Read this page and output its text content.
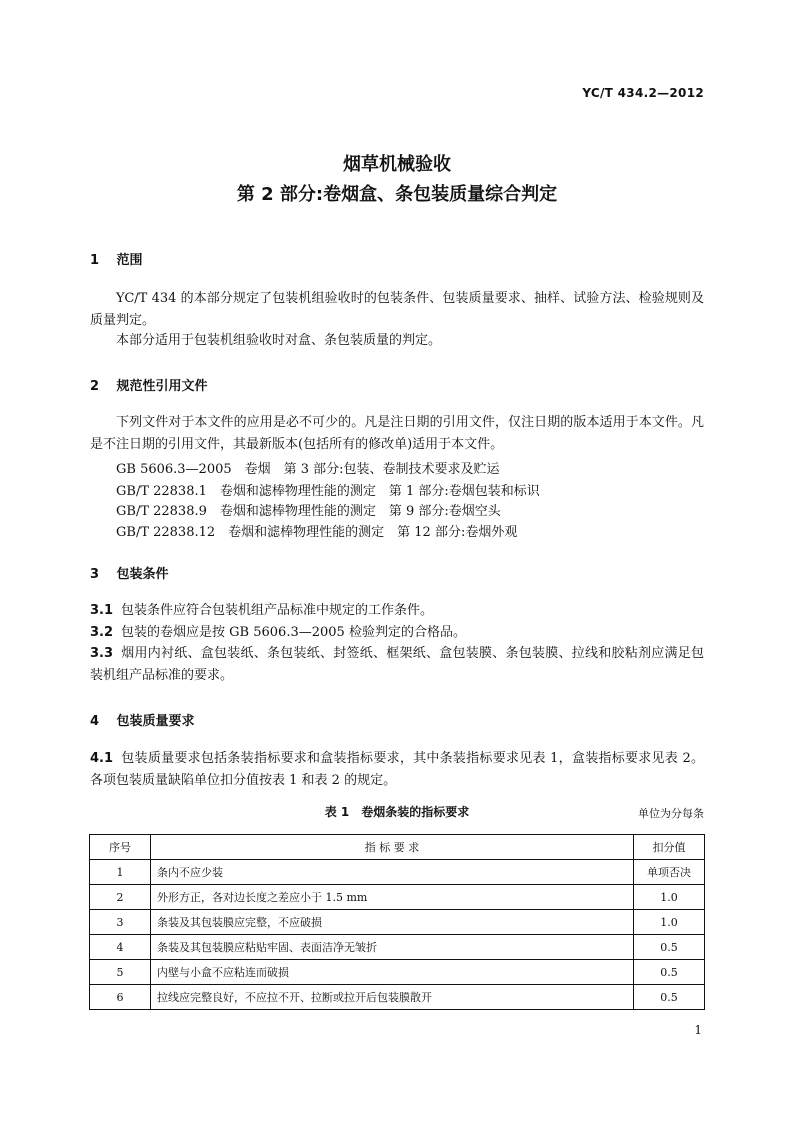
YC/T 434.2—2012
烟草机械验收
第 2 部分:卷烟盒、条包装质量综合判定
1 范围
YC/T 434 的本部分规定了包装机组验收时的包装条件、包装质量要求、抽样、试验方法、检验规则及质量判定。
本部分适用于包装机组验收时对盒、条包装质量的判定。
2 规范性引用文件
下列文件对于本文件的应用是必不可少的。凡是注日期的引用文件，仅注日期的版本适用于本文件。凡是不注日期的引用文件，其最新版本(包括所有的修改单)适用于本文件。
GB 5606.3—2005　卷烟　第 3 部分:包装、卷制技术要求及贮运
GB/T 22838.1　卷烟和滤棒物理性能的测定　第 1 部分:卷烟包装和标识
GB/T 22838.9　卷烟和滤棒物理性能的测定　第 9 部分:卷烟空头
GB/T 22838.12　卷烟和滤棒物理性能的测定　第 12 部分:卷烟外观
3 包装条件
3.1 包装条件应符合包装机组产品标准中规定的工作条件。
3.2 包装的卷烟应是按 GB 5606.3—2005 检验判定的合格品。
3.3 烟用内衬纸、盒包装纸、条包装纸、封签纸、框架纸、盒包装膜、条包装膜、拉线和胶粘剂应满足包装机组产品标准的要求。
4 包装质量要求
4.1 包装质量要求包括条装指标要求和盒装指标要求，其中条装指标要求见表 1，盒装指标要求见表 2。各项包装质量缺陷单位扣分值按表 1 和表 2 的规定。
表 1　卷烟条装的指标要求	单位为分每条
序号	指 标 要 求	扣分值
1	条内不应少装	单项否决
2	外形方正，各对边长度之差应小于 1.5 mm	1.0
3	条装及其包装膜应完整，不应破损	1.0
4	条装及其包装膜应粘贴牢固、表面洁净无皱折	0.5
5	内壁与小盒不应粘连而破损	0.5
6	拉线应完整良好，不应拉不开、拉断或拉开后包装膜散开	0.5
1
